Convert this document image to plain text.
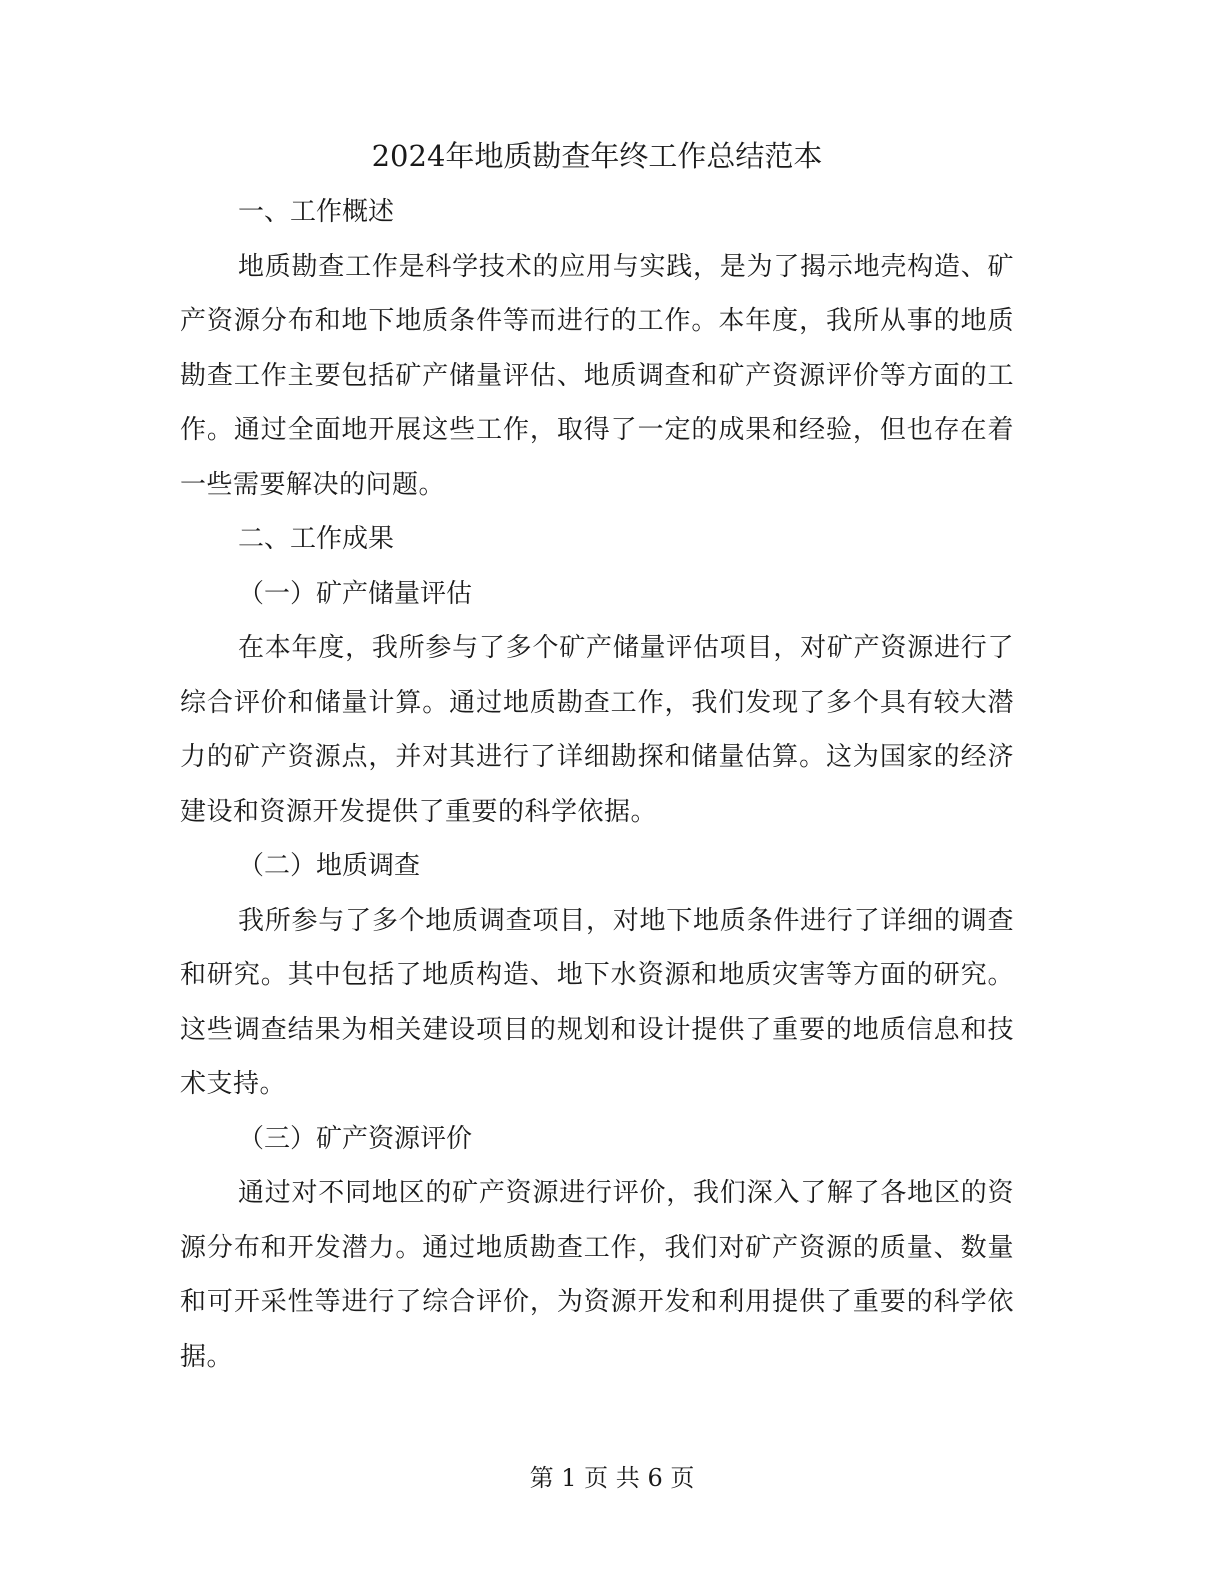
2024年地质勘查年终工作总结范本

一、工作概述

地质勘查工作是科学技术的应用与实践，是为了揭示地壳构造、矿产资源分布和地下地质条件等而进行的工作。本年度，我所从事的地质勘查工作主要包括矿产储量评估、地质调查和矿产资源评价等方面的工作。通过全面地开展这些工作，取得了一定的成果和经验，但也存在着一些需要解决的问题。

二、工作成果

（一）矿产储量评估

在本年度，我所参与了多个矿产储量评估项目，对矿产资源进行了综合评价和储量计算。通过地质勘查工作，我们发现了多个具有较大潜力的矿产资源点，并对其进行了详细勘探和储量估算。这为国家的经济建设和资源开发提供了重要的科学依据。

（二）地质调查

我所参与了多个地质调查项目，对地下地质条件进行了详细的调查和研究。其中包括了地质构造、地下水资源和地质灾害等方面的研究。这些调查结果为相关建设项目的规划和设计提供了重要的地质信息和技术支持。

（三）矿产资源评价

通过对不同地区的矿产资源进行评价，我们深入了解了各地区的资源分布和开发潜力。通过地质勘查工作，我们对矿产资源的质量、数量和可开采性等进行了综合评价，为资源开发和利用提供了重要的科学依据。

第 1 页 共 6 页
